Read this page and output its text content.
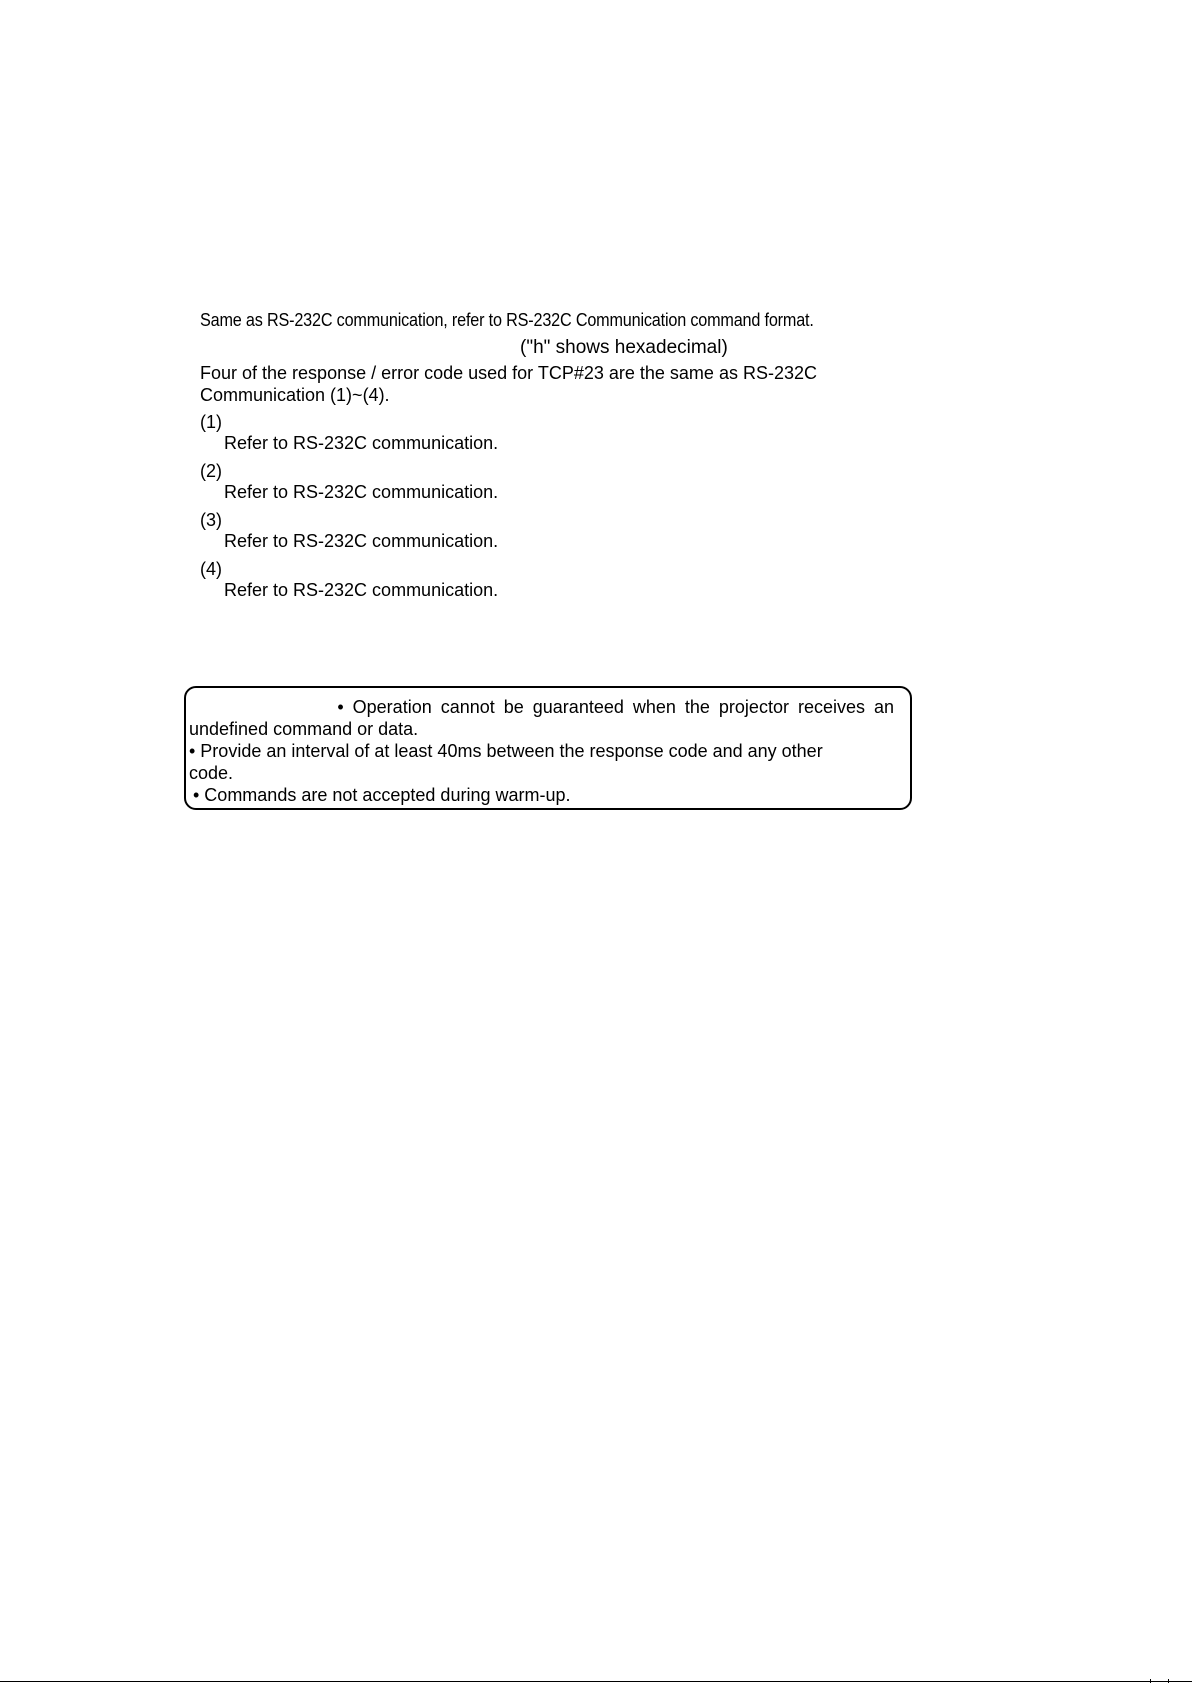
Same as RS-232C communication, refer to RS-232C Communication command format.
("h" shows hexadecimal)
Four of the response / error code used for TCP#23 are the same as RS-232C
Communication (1)~(4).
(1)
Refer to RS-232C communication.
(2)
Refer to RS-232C communication.
(3)
Refer to RS-232C communication.
(4)
Refer to RS-232C communication.
• Operation cannot be guaranteed when the projector receives an
undefined command or data.
• Provide an interval of at least 40ms between the response code and any other
code.
• Commands are not accepted during warm-up.
